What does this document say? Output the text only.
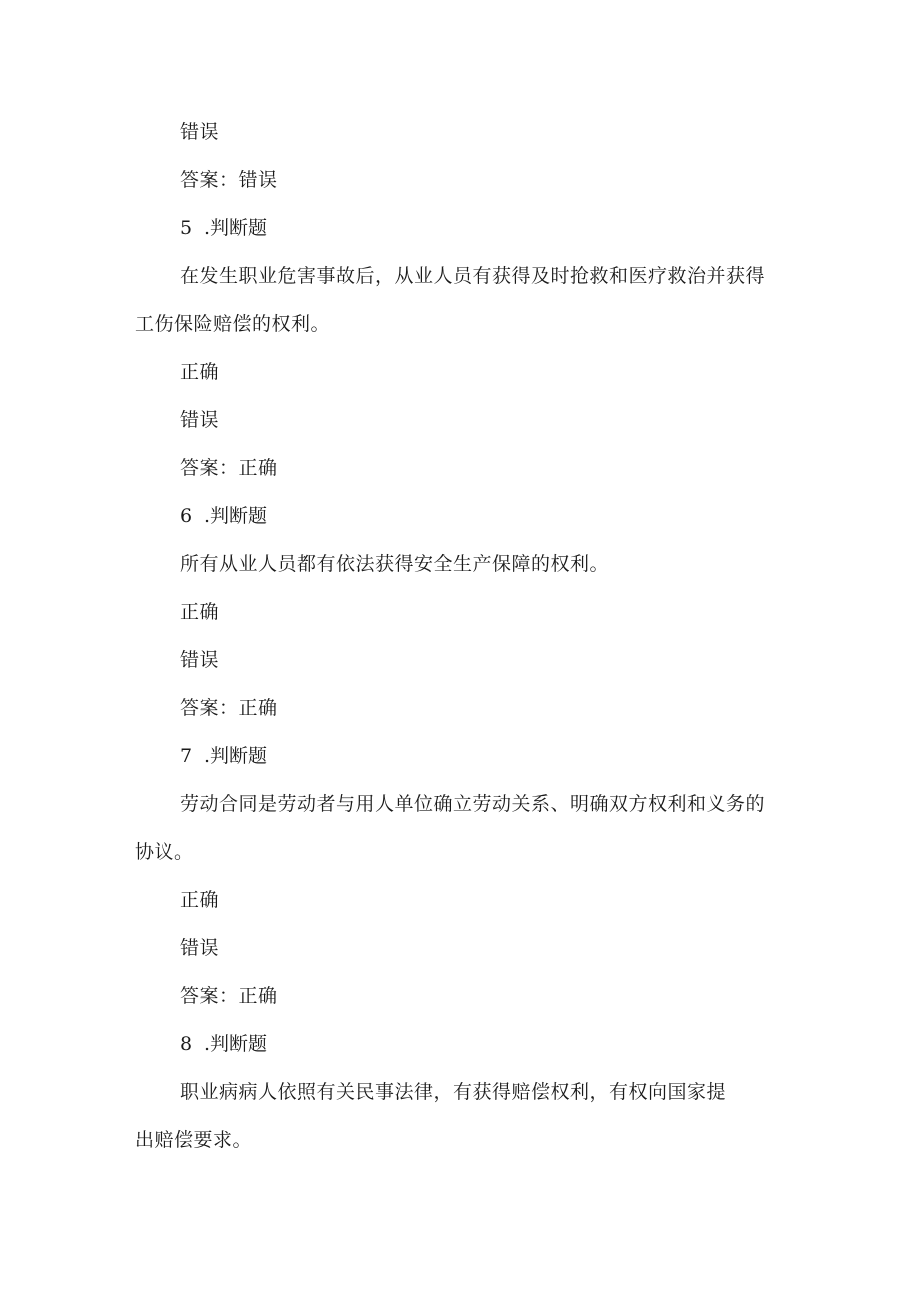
错误
答案：错误
5 .判断题
在发生职业危害事故后，从业人员有获得及时抢救和医疗救治并获得
工伤保险赔偿的权利。
正确
错误
答案：正确
6 .判断题
所有从业人员都有依法获得安全生产保障的权利。
正确
错误
答案：正确
7 .判断题
劳动合同是劳动者与用人单位确立劳动关系、明确双方权利和义务的
协议。
正确
错误
答案：正确
8 .判断题
职业病病人依照有关民事法律，有获得赔偿权利，有权向国家提
出赔偿要求。
